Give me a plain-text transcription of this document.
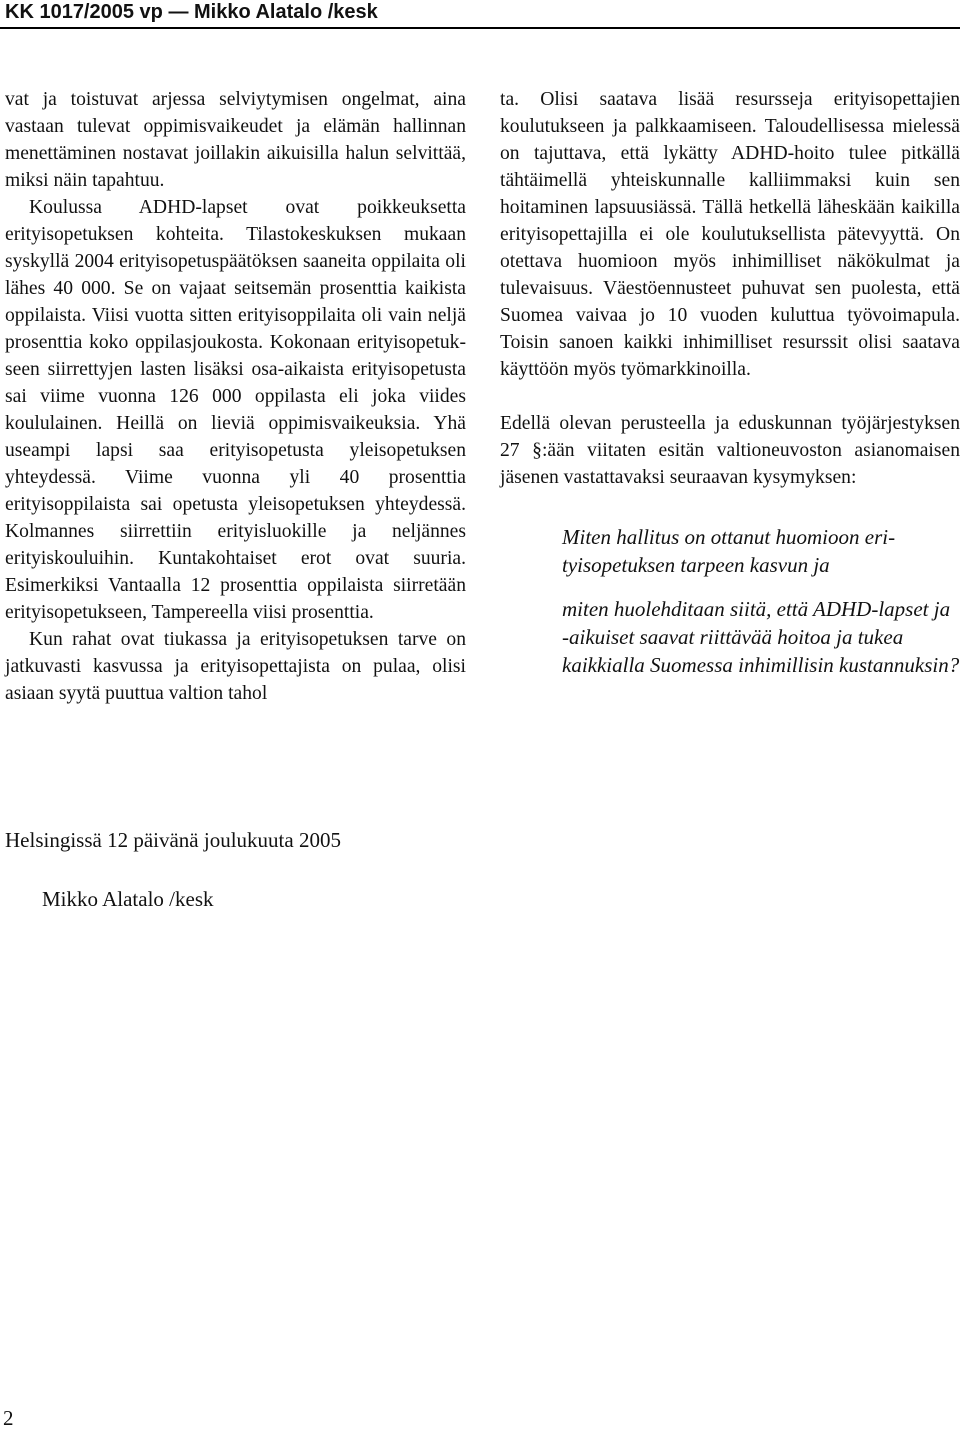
KK 1017/2005 vp — Mikko Alatalo /kesk

vat ja toistuvat arjessa selviytymisen ongelmat, aina vastaan tulevat oppimisvaikeudet ja elämän hallinnan menettäminen nostavat joillakin aikuisilla halun selvittää, miksi näin tapahtuu.

Koulussa ADHD-lapset ovat poikkeuksetta erityisopetuksen kohteita. Tilastokeskuksen mukaan syskyllä 2004 erityisopetuspäätöksen saaneita oppilaita oli lähes 40 000. Se on vajaat seitsemän prosenttia kaikista oppilaista. Viisi vuotta sitten erityisoppilaita oli vain neljä prosenttia koko oppilasjoukosta. Kokonaan erityisopetukseen siirrettyjen lasten lisäksi osa-aikaista erityisopetusta sai viime vuonna 126 000 oppilasta eli joka viides koululainen. Heillä on lieviä oppimisvaikeuksia. Yhä useampi lapsi saa erityisopetusta yleisopetuksen yhteydessä. Viime vuonna yli 40 prosenttia erityisoppilaista sai opetusta yleisopetuksen yhteydessä. Kolmannes siirrettiin erityisluokille ja neljännes erityiskouluihin. Kuntakohtaiset erot ovat suuria. Esimerkiksi Vantaalla 12 prosenttia oppilaista siirretään erityisopetukseen, Tampereella viisi prosenttia.

Kun rahat ovat tiukassa ja erityisopetuksen tarve on jatkuvasti kasvussa ja erityisopettajista on pulaa, olisi asiaan syytä puuttua valtion tahol

ta. Olisi saatava lisää resursseja erityisopettajien koulutukseen ja palkkaamiseen. Taloudellisessa mielessä on tajuttava, että lykätty ADHD-hoito tulee pitkällä tähtäimellä yhteiskunnalle kalliimmaksi kuin sen hoitaminen lapsuusiässä. Tällä hetkellä läheskään kaikilla erityisopettajilla ei ole koulutuksellista pätevyyttä. On otettava huomioon myös inhimilliset näkökulmat ja tulevaisuus. Väestöennusteet puhuvat sen puolesta, että Suomea vaivaa jo 10 vuoden kuluttua työvoimapula. Toisin sanoen kaikki inhimilliset resurssit olisi saatava käyttöön myös työmarkkinoilla.

Edellä olevan perusteella ja eduskunnan työjärjestyksen 27 §:ään viitaten esitän valtioneuvoston asianomaisen jäsenen vastattavaksi seuraavan kysymyksen:

Miten hallitus on ottanut huomioon erityisopetuksen tarpeen kasvun ja

miten huolehditaan siitä, että ADHD-lapset ja -aikuiset saavat riittävää hoitoa ja tukea kaikkialla Suomessa inhimillisin kustannuksin?

Helsingissä 12 päivänä joulukuuta 2005
Mikko Alatalo /kesk
2
